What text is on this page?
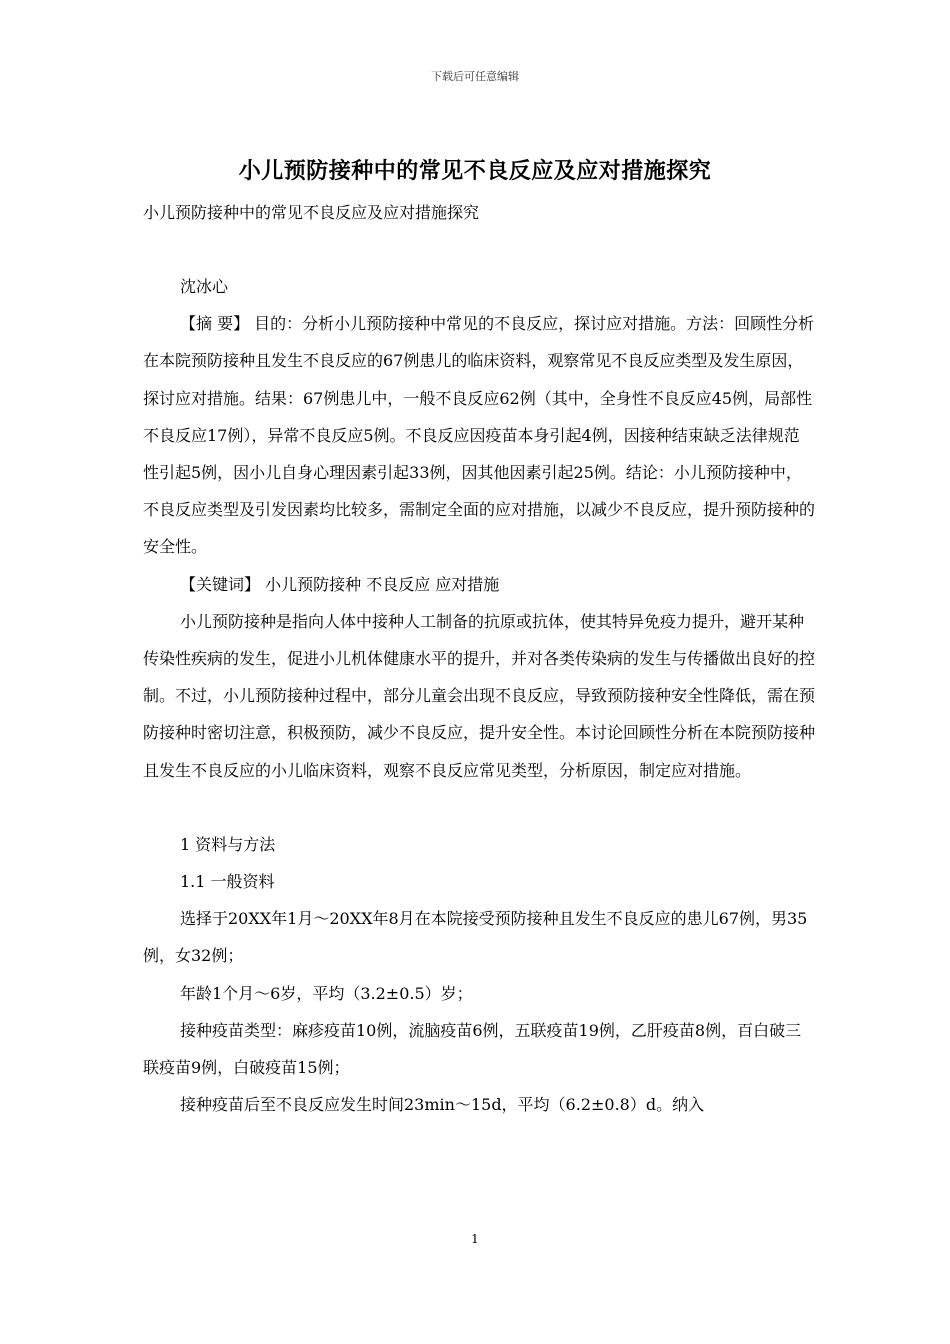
下载后可任意编辑
小儿预防接种中的常见不良反应及应对措施探究
小儿预防接种中的常见不良反应及应对措施探究

沈冰心

【摘 要】 目的：分析小儿预防接种中常见的不良反应，探讨应对措施。方法：回顾性分析在本院预防接种且发生不良反应的67例患儿的临床资料，观察常见不良反应类型及发生原因，探讨应对措施。结果：67例患儿中，一般不良反应62例（其中，全身性不良反应45例，局部性不良反应17例），异常不良反应5例。不良反应因疫苗本身引起4例，因接种结束缺乏法律规范性引起5例，因小儿自身心理因素引起33例，因其他因素引起25例。结论：小儿预防接种中，不良反应类型及引发因素均比较多，需制定全面的应对措施，以减少不良反应，提升预防接种的安全性。

【关键词】 小儿预防接种 不良反应 应对措施

小儿预防接种是指向人体中接种人工制备的抗原或抗体，使其特异免疫力提升，避开某种传染性疾病的发生，促进小儿机体健康水平的提升，并对各类传染病的发生与传播做出良好的控制。不过，小儿预防接种过程中，部分儿童会出现不良反应，导致预防接种安全性降低，需在预防接种时密切注意，积极预防，减少不良反应，提升安全性。本讨论回顾性分析在本院预防接种且发生不良反应的小儿临床资料，观察不良反应常见类型，分析原因，制定应对措施。

1 资料与方法

1.1 一般资料

选择于20XX年1月～20XX年8月在本院接受预防接种且发生不良反应的患儿67例，男35例，女32例；

年龄1个月～6岁，平均（3.2±0.5）岁；

接种疫苗类型：麻疹疫苗10例，流脑疫苗6例，五联疫苗19例，乙肝疫苗8例，百白破三联疫苗9例，白破疫苗15例；

接种疫苗后至不良反应发生时间23min～15d，平均（6.2±0.8）d。纳入

1
